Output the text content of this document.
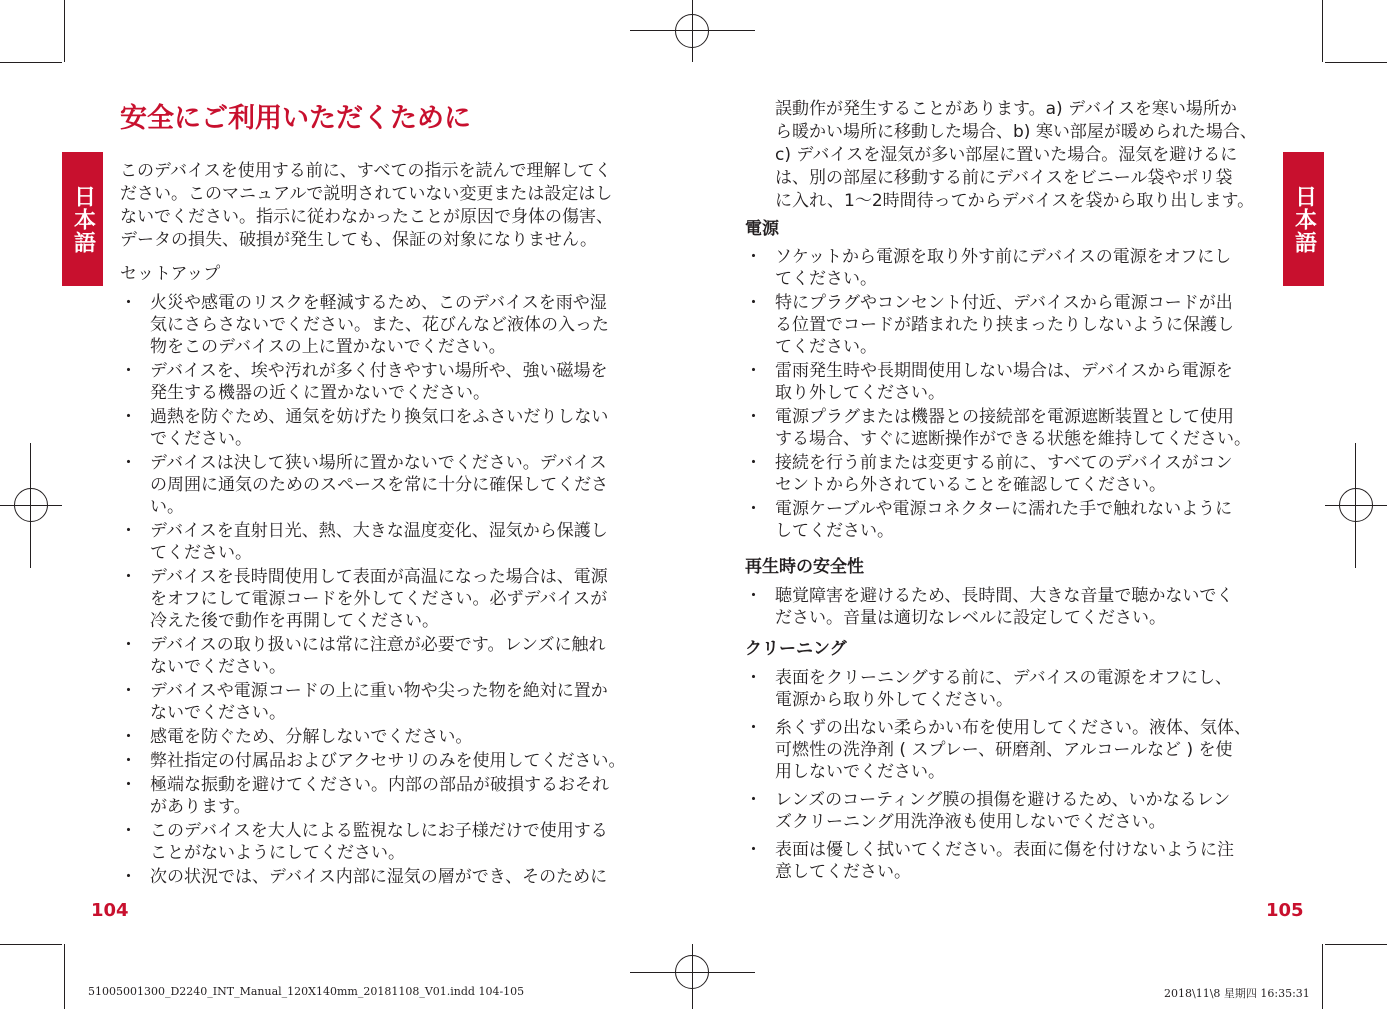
日本語	日本語
安全にご利用いただくために
このデバイスを使用する前に、すべての指示を読んで理解してく
ださい。このマニュアルで説明されていない変更または設定はし
ないでください。指示に従わなかったことが原因で身体の傷害、
データの損失、破損が発生しても、保証の対象になりません。
セットアップ
・ 火災や感電のリスクを軽減するため、このデバイスを雨や湿
気にさらさないでください。また、花びんなど液体の入った
物をこのデバイスの上に置かないでください。
・ デバイスを、埃や汚れが多く付きやすい場所や、強い磁場を
発生する機器の近くに置かないでください。
・ 過熱を防ぐため、通気を妨げたり換気口をふさいだりしない
でください。
・ デバイスは決して狭い場所に置かないでください。デバイス
の周囲に通気のためのスペースを常に十分に確保してくださ
い。
・ デバイスを直射日光、熱、大きな温度変化、湿気から保護し
てください。
・ デバイスを長時間使用して表面が高温になった場合は、電源
をオフにして電源コードを外してください。必ずデバイスが
冷えた後で動作を再開してください。
・ デバイスの取り扱いには常に注意が必要です。レンズに触れ
ないでください。
・ デバイスや電源コードの上に重い物や尖った物を絶対に置か
ないでください。
・ 感電を防ぐため、分解しないでください。
・ 弊社指定の付属品およびアクセサリのみを使用してください。
・ 極端な振動を避けてください。内部の部品が破損するおそれ
があります。
・ このデバイスを大人による監視なしにお子様だけで使用する
ことがないようにしてください。
・ 次の状況では、デバイス内部に湿気の層ができ、そのために
104
誤動作が発生することがあります。a) デバイスを寒い場所か
ら暖かい場所に移動した場合、b) 寒い部屋が暖められた場合、
c) デバイスを湿気が多い部屋に置いた場合。湿気を避けるに
は、別の部屋に移動する前にデバイスをビニール袋やポリ袋
に入れ、1～2時間待ってからデバイスを袋から取り出します。
電源
・ ソケットから電源を取り外す前にデバイスの電源をオフにし
てください。
・ 特にプラグやコンセント付近、デバイスから電源コードが出
る位置でコードが踏まれたり挟まったりしないように保護し
てください。
・ 雷雨発生時や長期間使用しない場合は、デバイスから電源を
取り外してください。
・ 電源プラグまたは機器との接続部を電源遮断装置として使用
する場合、すぐに遮断操作ができる状態を維持してください。
・ 接続を行う前または変更する前に、すべてのデバイスがコン
セントから外されていることを確認してください。
・ 電源ケーブルや電源コネクターに濡れた手で触れないように
してください。
再生時の安全性
・ 聴覚障害を避けるため、長時間、大きな音量で聴かないでく
ださい。音量は適切なレベルに設定してください。
クリーニング
・ 表面をクリーニングする前に、デバイスの電源をオフにし、
電源から取り外してください。
・ 糸くずの出ない柔らかい布を使用してください。液体、気体、
可燃性の洗浄剤 ( スプレー、研磨剤、アルコールなど ) を使
用しないでください。
・ レンズのコーティング膜の損傷を避けるため、いかなるレン
ズクリーニング用洗浄液も使用しないでください。
・ 表面は優しく拭いてください。表面に傷を付けないように注
意してください。
105
51005001300_D2240_INT_Manual_120X140mm_20181108_V01.indd 104-105	2018\11\8 星期四 16:35:31
